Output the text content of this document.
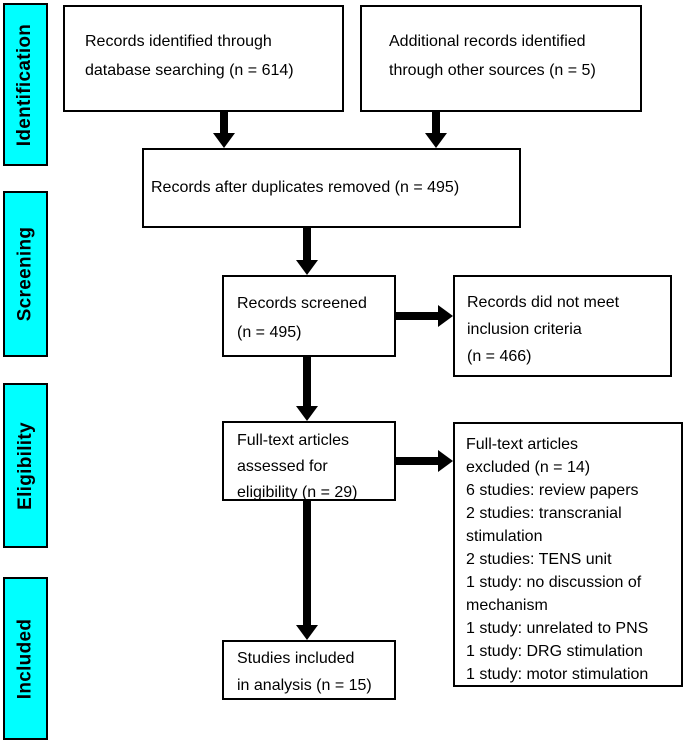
Identification
Screening
Eligibility
Included
Records identified through
database searching (n = 614)
Additional records identified
through other sources (n = 5)
Records after duplicates removed (n = 495)
Records screened
(n = 495)
Records did not meet
inclusion criteria
(n = 466)
Full-text articles
assessed for
eligibility (n = 29)
Full-text articles
excluded (n = 14)
6 studies: review papers
2 studies: transcranial
stimulation
2 studies: TENS unit
1 study: no discussion of
mechanism
1 study: unrelated to PNS
1 study: DRG stimulation
1 study: motor stimulation
Studies included
in analysis (n = 15)
